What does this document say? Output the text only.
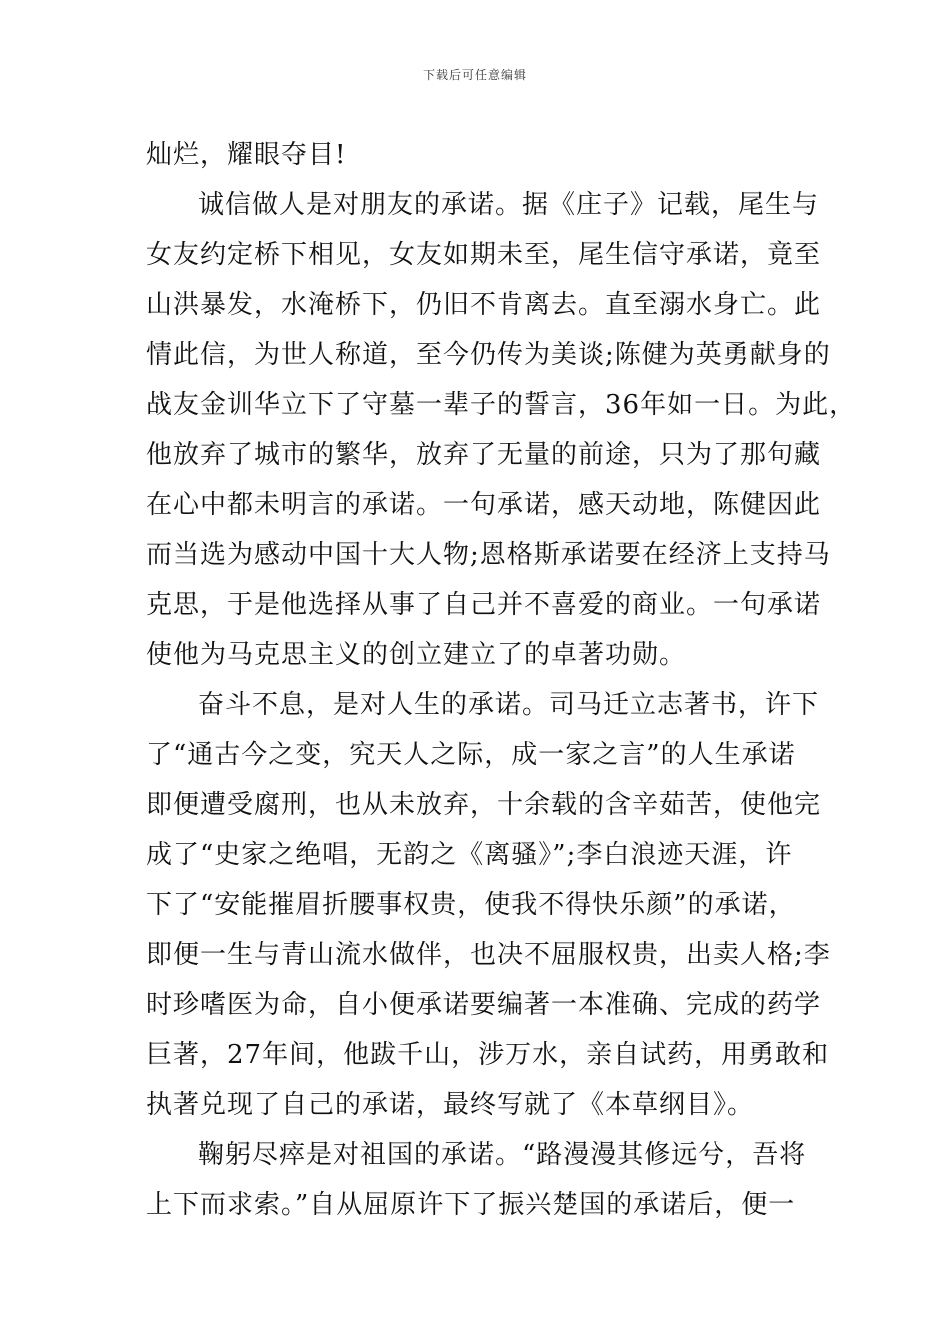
下载后可任意编辑
灿烂，耀眼夺目!
诚信做人是对朋友的承诺。据《庄子》记载，尾生与
女友约定桥下相见，女友如期未至，尾生信守承诺，竟至
山洪暴发，水淹桥下，仍旧不肯离去。直至溺水身亡。此
情此信，为世人称道，至今仍传为美谈;陈健为英勇献身的
战友金训华立下了守墓一辈子的誓言，36年如一日。为此，
他放弃了城市的繁华，放弃了无量的前途，只为了那句藏
在心中都未明言的承诺。一句承诺，感天动地，陈健因此
而当选为感动中国十大人物;恩格斯承诺要在经济上支持马
克思，于是他选择从事了自己并不喜爱的商业。一句承诺
使他为马克思主义的创立建立了的卓著功勋。
奋斗不息，是对人生的承诺。司马迁立志著书，许下
了“通古今之变，究天人之际，成一家之言”的人生承诺
即便遭受腐刑，也从未放弃，十余载的含辛茹苦，使他完
成了“史家之绝唱，无韵之《离骚》”;李白浪迹天涯，许
下了“安能摧眉折腰事权贵，使我不得快乐颜”的承诺，
即便一生与青山流水做伴，也决不屈服权贵，出卖人格;李
时珍嗜医为命，自小便承诺要编著一本准确、完成的药学
巨著，27年间，他跋千山，涉万水，亲自试药，用勇敢和
执著兑现了自己的承诺，最终写就了《本草纲目》。
鞠躬尽瘁是对祖国的承诺。“路漫漫其修远兮，吾将
上下而求索。”自从屈原许下了振兴楚国的承诺后，便一
